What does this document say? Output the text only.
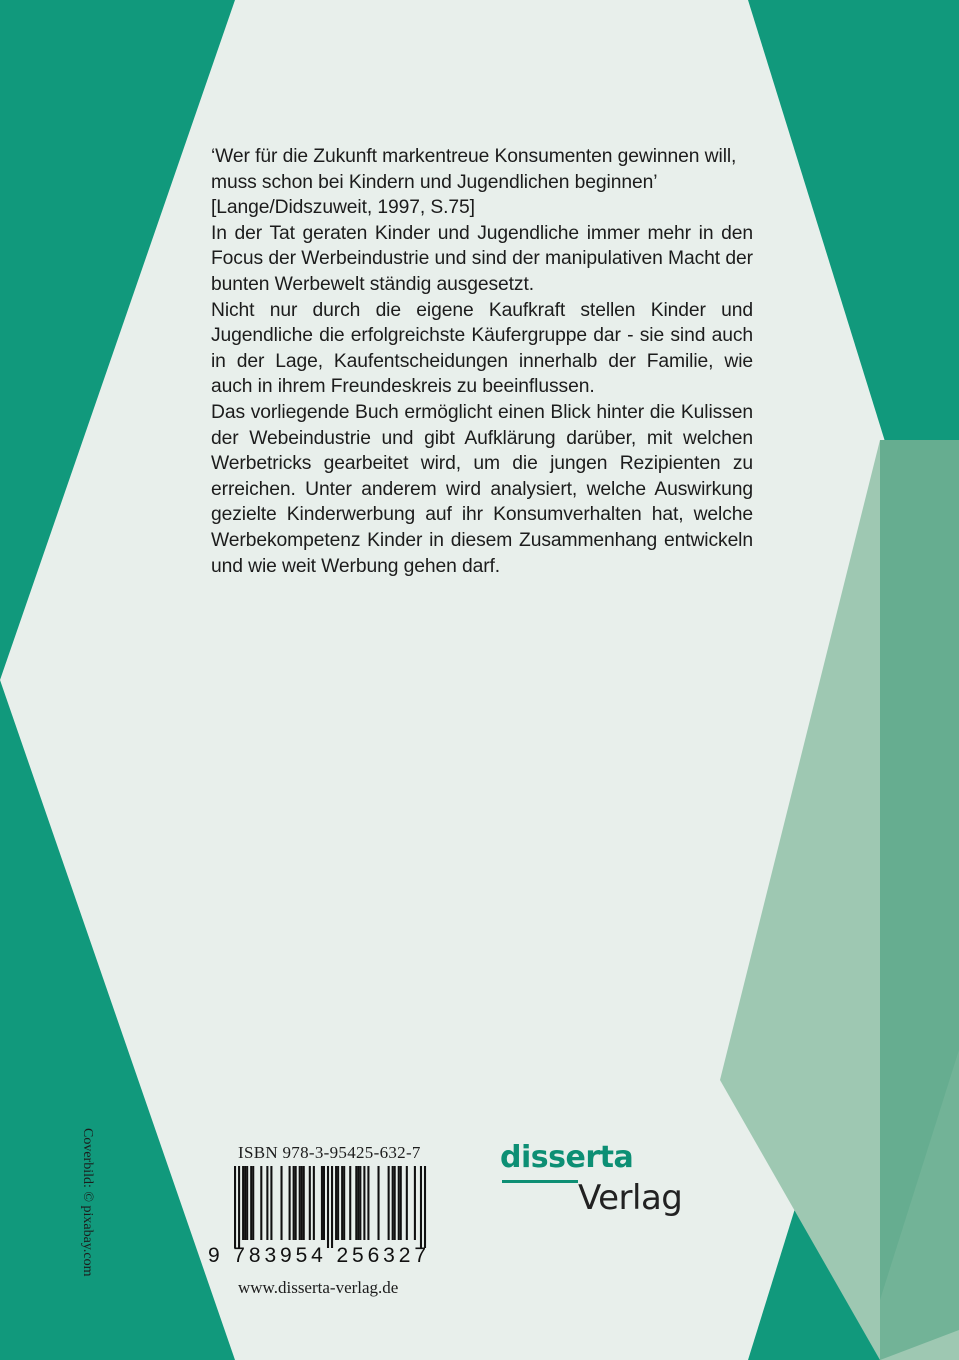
‘Wer für die Zukunft markentreue Konsumenten gewinnen will, muss schon bei Kindern und Jugendlichen beginnen’

[Lange/Didszuweit, 1997, S.75]

In der Tat geraten Kinder und Jugendliche immer mehr in den Focus der Werbeindustrie und sind der manipulativen Macht der bunten Werbewelt ständig ausgesetzt.

Nicht nur durch die eigene Kaufkraft stellen Kinder und Jugendliche die erfolgreichste Käufergruppe dar - sie sind auch in der Lage, Kaufentscheidungen innerhalb der Familie, wie auch in ihrem Freundeskreis zu beeinflussen.

Das vorliegende Buch ermöglicht einen Blick hinter die Kulissen der Webeindustrie und gibt Aufklärung darüber, mit welchen Werbetricks gearbeitet wird, um die jungen Rezipienten zu erreichen. Unter anderem wird analysiert, welche Auswirkung gezielte Kinderwerbung auf ihr Konsumverhalten hat, welche Werbekompetenz Kinder in diesem Zusammenhang entwickeln und wie weit Werbung gehen darf.

ISBN 978-3-95425-632-7
9 783954 256327
www.disserta-verlag.de
disserta
Verlag
Coverbild: © pixabay.com
